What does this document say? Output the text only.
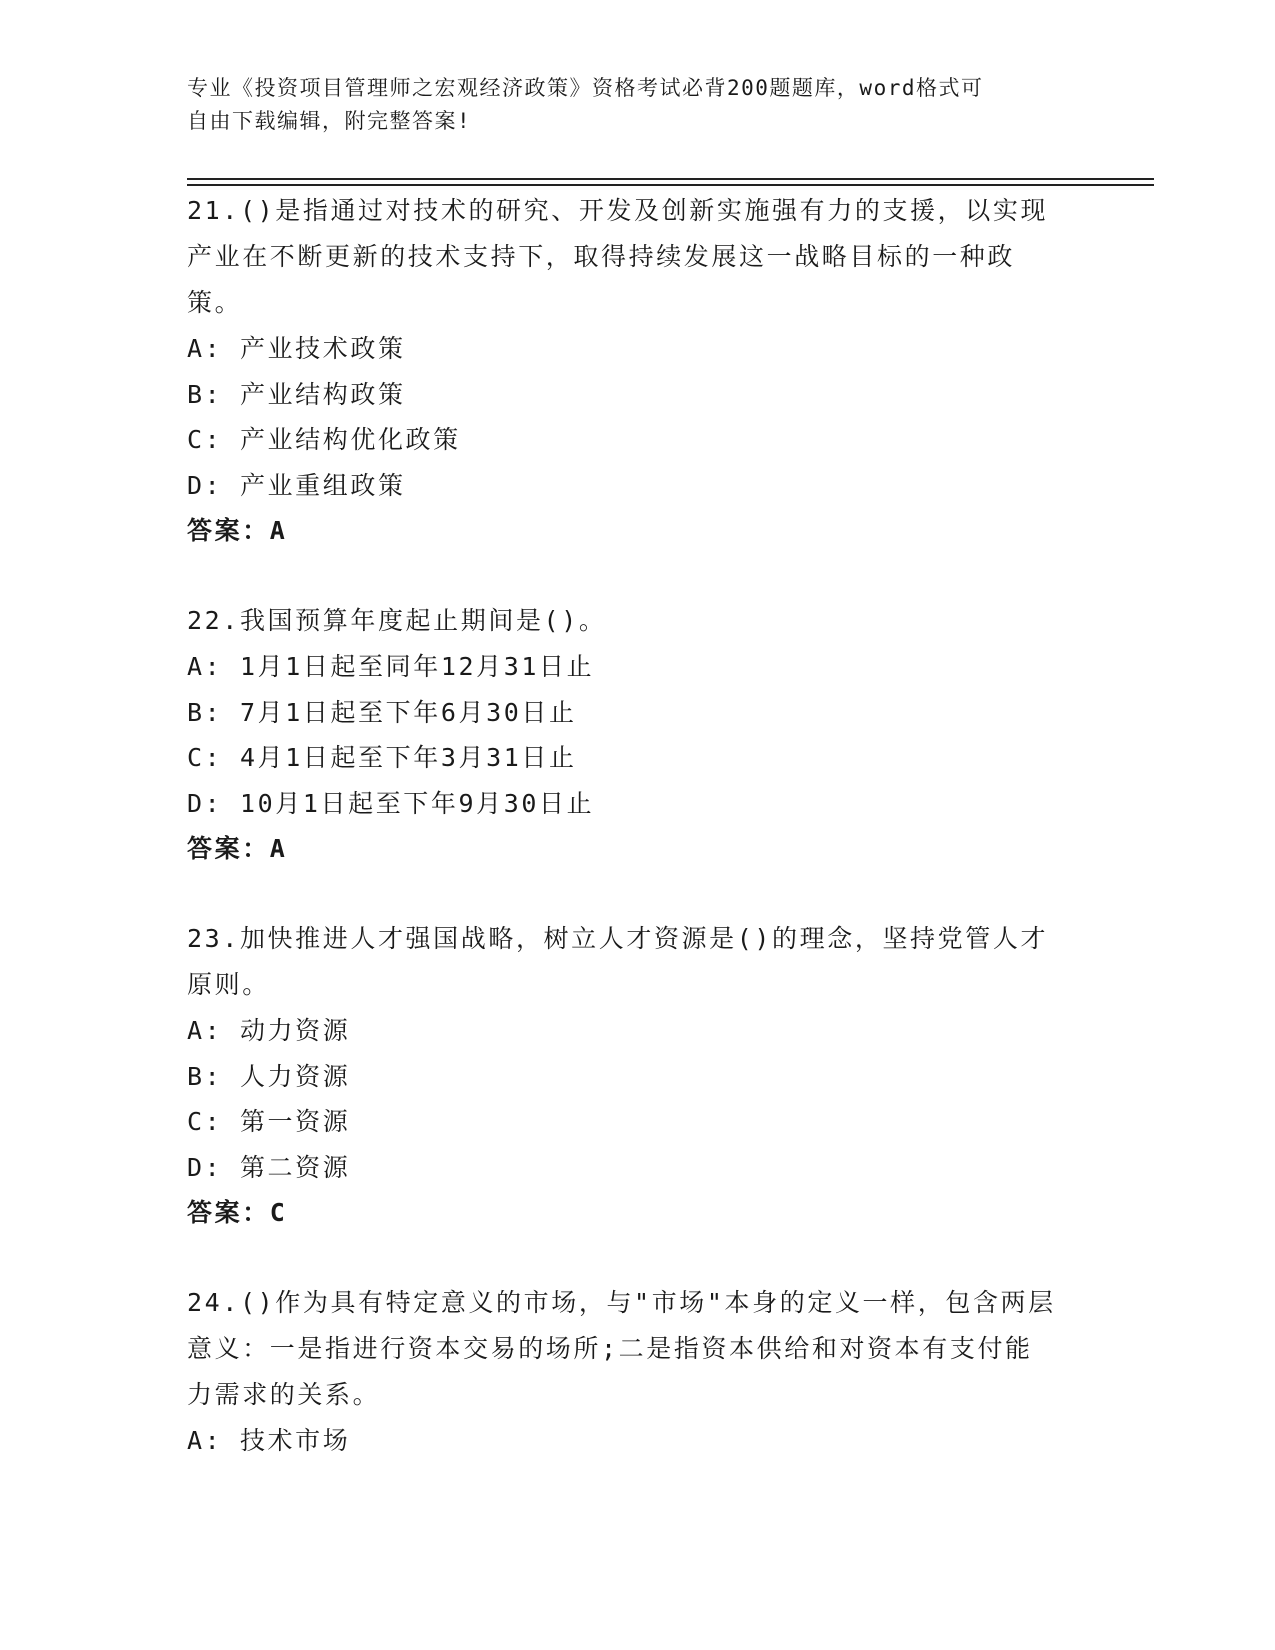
专业《投资项目管理师之宏观经济政策》资格考试必背200题题库，word格式可
自由下载编辑，附完整答案!
21.()是指通过对技术的研究、开发及创新实施强有力的支援，以实现
产业在不断更新的技术支持下，取得持续发展这一战略目标的一种政
策。
A: 产业技术政策
B: 产业结构政策
C: 产业结构优化政策
D: 产业重组政策
答案：A
22.我国预算年度起止期间是()。
A: 1月1日起至同年12月31日止
B: 7月1日起至下年6月30日止
C: 4月1日起至下年3月31日止
D: 10月1日起至下年9月30日止
答案：A
23.加快推进人才强国战略，树立人才资源是()的理念，坚持党管人才
原则。
A: 动力资源
B: 人力资源
C: 第一资源
D: 第二资源
答案：C
24.()作为具有特定意义的市场，与"市场"本身的定义一样，包含两层
意义：一是指进行资本交易的场所;二是指资本供给和对资本有支付能
力需求的关系。
A: 技术市场
